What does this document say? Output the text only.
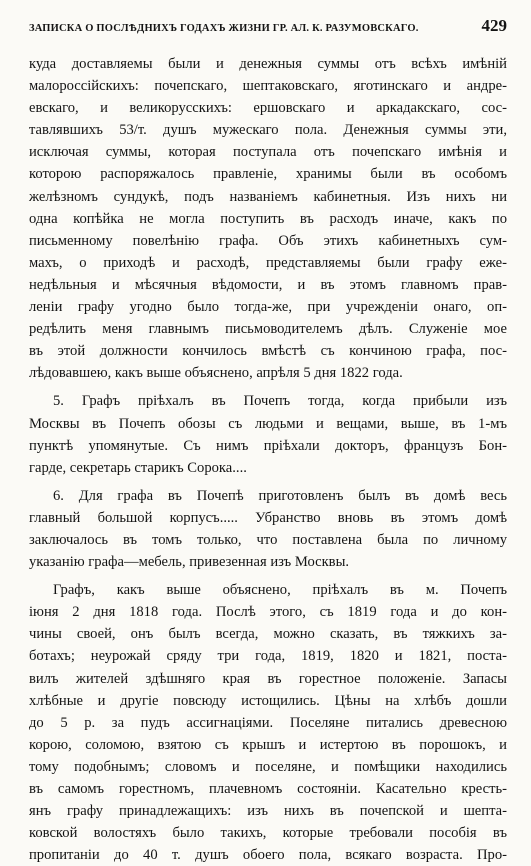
ЗАПИСКА О ПОСЛѢДНИХЪ ГОДАХЪ ЖИЗНИ ГР. АЛ. К. РАЗУМОВСКАГО.	429

куда доставляемы были и денежныя суммы отъ всѣхъ имѣній
малороссійскихъ: почепскаго, шептаковскаго, яготинскаго и андре-
евскаго, и великорусскихъ: ершовскаго и аркадакскаго, сос-
тавлявшихъ 53/т. душъ мужескаго пола. Денежныя суммы эти,
исключая суммы, которая поступала отъ почепскаго имѣнія и
которою распоряжалось правленіе, хранимы были въ особомъ
желѣзномъ сундукѣ, подъ названіемъ кабинетныя. Изъ нихъ ни
одна копѣйка не могла поступить въ расходъ иначе, какъ по
письменному повелѣнію графа. Объ этихъ кабинетныхъ сум-
махъ, о приходѣ и расходѣ, представляемы были графу еже-
недѣльныя и мѣсячныя вѣдомости, и въ этомъ главномъ прав-
леніи графу угодно было тогда-же, при учрежденіи онаго, оп-
редѣлить меня главнымъ письмоводителемъ дѣлъ. Служеніе мое
въ этой должности кончилось вмѣстѣ съ кончиною графа, пос-
лѣдовавшею, какъ выше объяснено, апрѣля 5 дня 1822 года.

5. Графъ пріѣхалъ въ Почепъ тогда, когда прибыли изъ
Москвы въ Почепъ обозы съ людьми и вещами, выше, въ 1-мъ
пунктѣ упомянутые. Съ нимъ пріѣхали докторъ, французъ Бон-
гарде, секретарь старикъ Сорока....

6. Для графа въ Почепѣ приготовленъ былъ въ домѣ весь
главный большой корпусъ..... Убранство вновь въ этомъ домѣ
заключалось въ томъ только, что поставлена была по личному
указанію графа—мебель, привезенная изъ Москвы.

Графъ, какъ выше объяснено, пріѣхалъ въ м. Почепъ
іюня 2 дня 1818 года. Послѣ этого, съ 1819 года и до кон-
чины своей, онъ былъ всегда, можно сказать, въ тяжкихъ за-
ботахъ; неурожай сряду три года, 1819, 1820 и 1821, поста-
вилъ жителей здѣшняго края въ горестное положеніе. Запасы
хлѣбные и другіе повсюду истощились. Цѣны на хлѣбъ дошли
до 5 р. за пудъ ассигнаціями. Поселяне питались древесною
корою, соломою, взятою съ крышъ и истертою въ порошокъ, и
тому подобнымъ; словомъ и поселяне, и помѣщики находились
въ самомъ горестномъ, плачевномъ состояніи. Касательно кресть-
янъ графу принадлежащихъ: изъ нихъ въ почепской и шепта-
ковской волостяхъ было такихъ, которые требовали пособія въ
пропитаніи до 40 т. душъ обоего пола, всякаго возраста. Про-
